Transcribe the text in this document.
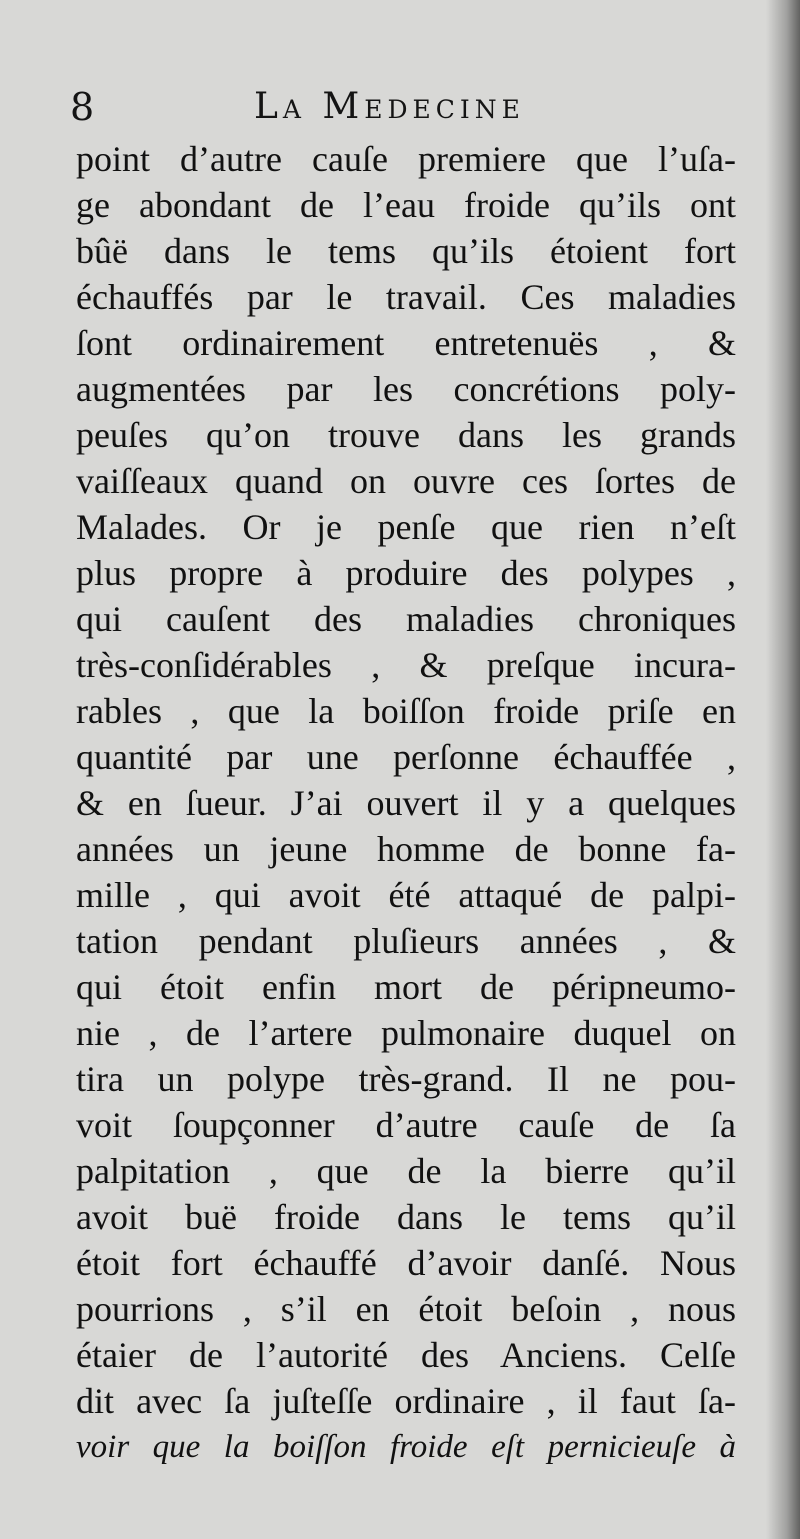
8	La Medecine
point d’autre cauſe premiere que l’uſa-
ge abondant de l’eau froide qu’ils ont
bûë dans le tems qu’ils étoient fort
échauffés par le travail. Ces maladies
ſont ordinairement entretenuës , &
augmentées par les concrétions poly-
peuſes qu’on trouve dans les grands
vaiſſeaux quand on ouvre ces ſortes de
Malades. Or je penſe que rien n’eſt
plus propre à produire des polypes ,
qui cauſent des maladies chroniques
très-conſidérables , & preſque incura-
rables , que la boiſſon froide priſe en
quantité par une perſonne échauffée ,
& en ſueur. J’ai ouvert il y a quelques
années un jeune homme de bonne fa-
mille , qui avoit été attaqué de palpi-
tation pendant pluſieurs années , &
qui étoit enfin mort de péripneumo-
nie , de l’artere pulmonaire duquel on
tira un polype très-grand. Il ne pou-
voit ſoupçonner d’autre cauſe de ſa
palpitation , que de la bierre qu’il
avoit buë froide dans le tems qu’il
étoit fort échauffé d’avoir danſé. Nous
pourrions , s’il en étoit beſoin , nous
étaier de l’autorité des Anciens. Celſe
dit avec ſa juſteſſe ordinaire , il faut ſa-
voir que la boiſſon froide eſt pernicieuſe à
